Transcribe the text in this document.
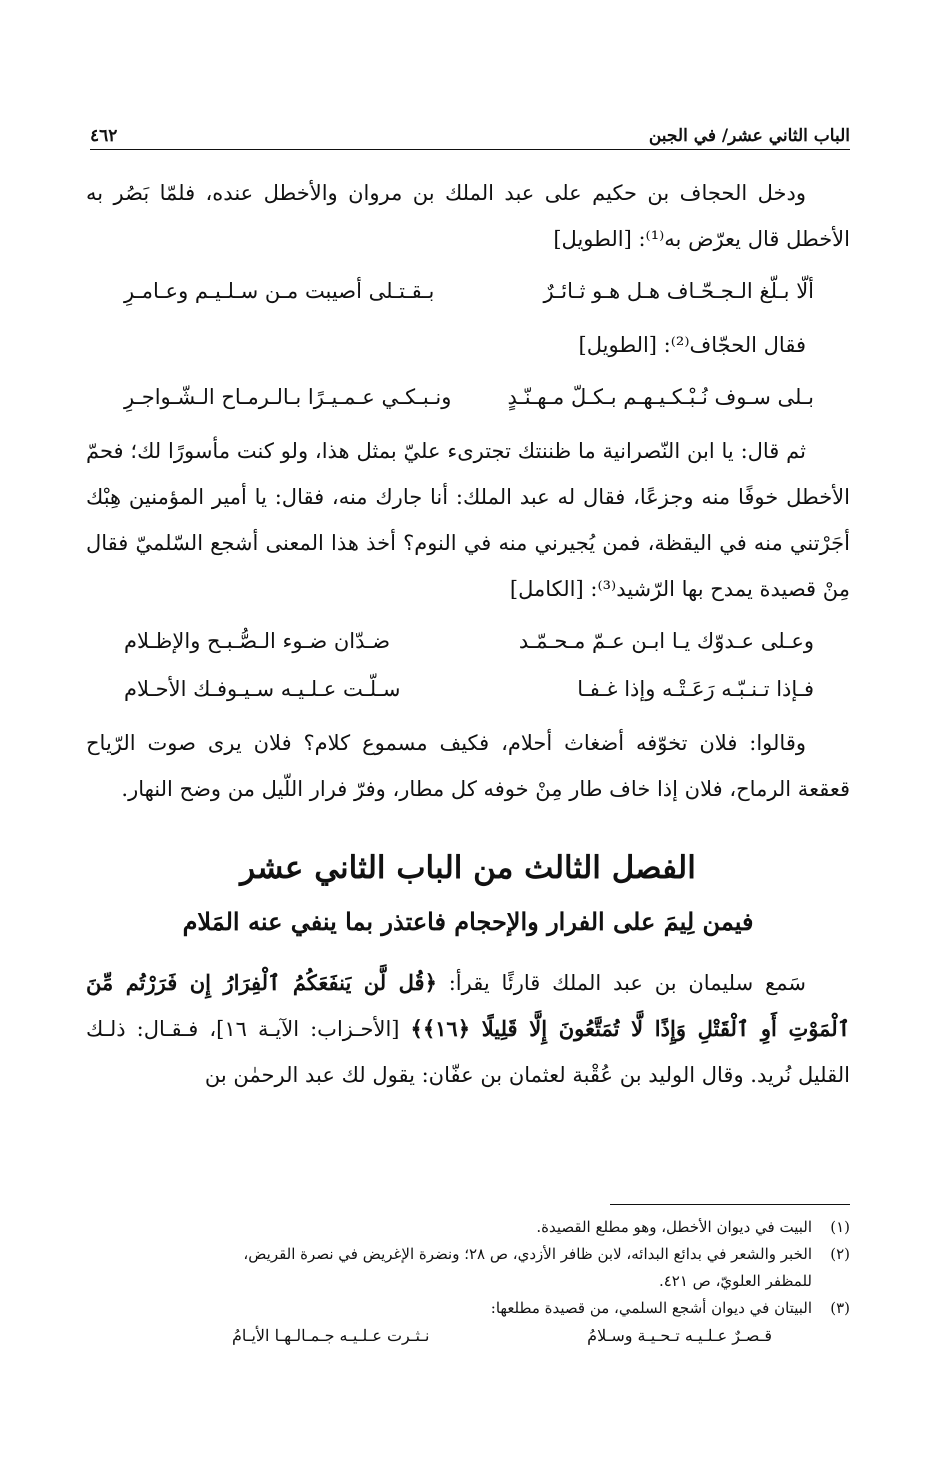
الباب الثاني عشر/ في الجبن
٤٦٢

ودخل الحجاف بن حكيم على عبد الملك بن مروان والأخطل عنده، فلمّا بَصُر به الأخطل قال يعرّض به⁽¹⁾: [الطويل]

ألّا بـلّغ الـجـحّـاف هـل هـو ثـائـرٌ
بـقـتـلى أصيبت مـن سـلـيـم وعـامـرِ

فقال الحجّاف⁽²⁾: [الطويل]

بـلى سـوف نُـبْـكـيـهـم بـكـلّ مـهـنّـدٍ
ونـبـكـي عـمـيـرًا بـالـرمـاح الـشّـواجـرِ

ثم قال: يا ابن النّصرانية ما ظننتك تجترىء عليّ بمثل هذا، ولو كنت مأسورًا لك؛ فحمّ الأخطل خوفًا منه وجزعًا، فقال له عبد الملك: أنا جارك منه، فقال: يا أمير المؤمنين هِبْك أجَرْتني منه في اليقظة، فمن يُجيرني منه في النوم؟ أخذ هذا المعنى أشجع السّلميّ فقال مِنْ قصيدة يمدح بها الرّشيد⁽³⁾: [الكامل]

وعـلى عـدوّك يـا ابـن عـمّ مـحـمّـد
ضـدّان ضـوء الـصُّـبـح والإظـلام
فـإذا تـنـبّـه رَعَـتْـه وإذا غـفـا
سـلّـت عـلـيـه سـيـوفـك الأحـلام

وقالوا: فلان تخوّفه أضغاث أحلام، فكيف مسموع كلام؟ فلان يرى صوت الرّياح قعقعة الرماح، فلان إذا خاف طار مِنْ خوفه كل مطار، وفرّ فرار اللّيل من وضح النهار.

الفصل الثالث من الباب الثاني عشر
فيمن لِيمَ على الفرار والإحجام فاعتذر بما ينفي عنه المَلام

سَمع سليمان بن عبد الملك قارئًا يقرأ: ﴿قُل لَّن يَنفَعَكُمُ ٱلْفِرَارُ إِن فَرَرْتُم مِّنَ ٱلْمَوْتِ أَوِ ٱلْقَتْلِ وَإِذًا لَّا تُمَتَّعُونَ إِلَّا قَلِيلًا ﴿١٦﴾﴾ [الأحـزاب: الآيـة ١٦]، فـقـال: ذلـك القليل نُريد. وقال الوليد بن عُقْبة لعثمان بن عفّان: يقول لك عبد الرحمٰن بن

(١)
البيت في ديوان الأخطل، وهو مطلع القصيدة.
(٢)
الخبر والشعر في بدائع البدائه، لابن ظافر الأزدي، ص ٢٨؛ ونضرة الإغريض في نصرة القريض،
للمظفر العلويّ، ص ٤٢١.
(٣)
البيتان في ديوان أشجع السلمي، من قصيدة مطلعها:
قـصـرٌ عـلـيـه تـحـيـة وسـلامُ
نـثـرت عـلـيـه جـمـالـهـا الأيـامُ
